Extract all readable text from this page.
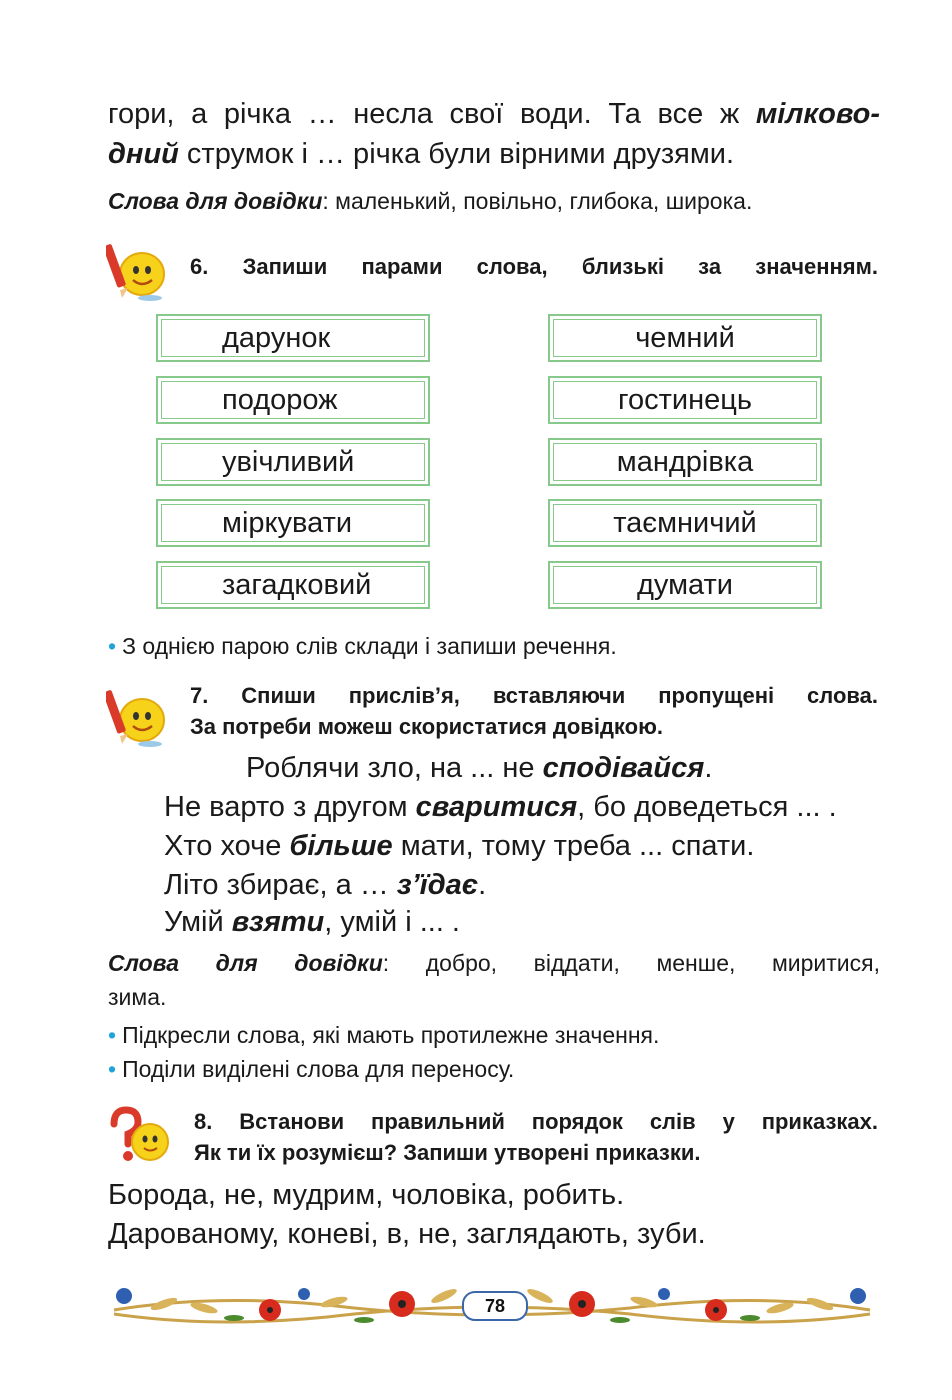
гори, а річка … несла свої води. Та все ж мілково-
дний струмок і … річка були вірними друзями.
Слова для довідки: маленький, повільно, глибока, широка.
6. Запиши парами слова, близькі за значенням.
дарунок
подорож
увічливий
міркувати
загадковий
чемний
гостинець
мандрівка
таємничий
думати
• З однією парою слів склади і запиши речення.
7. Спиши прислів’я, вставляючи пропущені слова.
За потреби можеш скористатися довідкою.
Роблячи зло, на ... не сподівайся.
Не варто з другом сваритися, бо доведеться ... .
Хто хоче більше мати, тому треба ... спати.
Літо збирає, а … з’їдає.
Умій взяти, умій і ... .
Слова для довідки: добро, віддати, менше, миритися,
зима.
• Підкресли слова, які мають протилежне значення.
• Поділи виділені слова для переносу.
8. Встанови правильний порядок слів у приказках.
Як ти їх розумієш? Запиши утворені приказки.
Борода, не, мудрим, чоловіка, робить.
Дарованому, коневі, в, не, заглядають, зуби.
78
